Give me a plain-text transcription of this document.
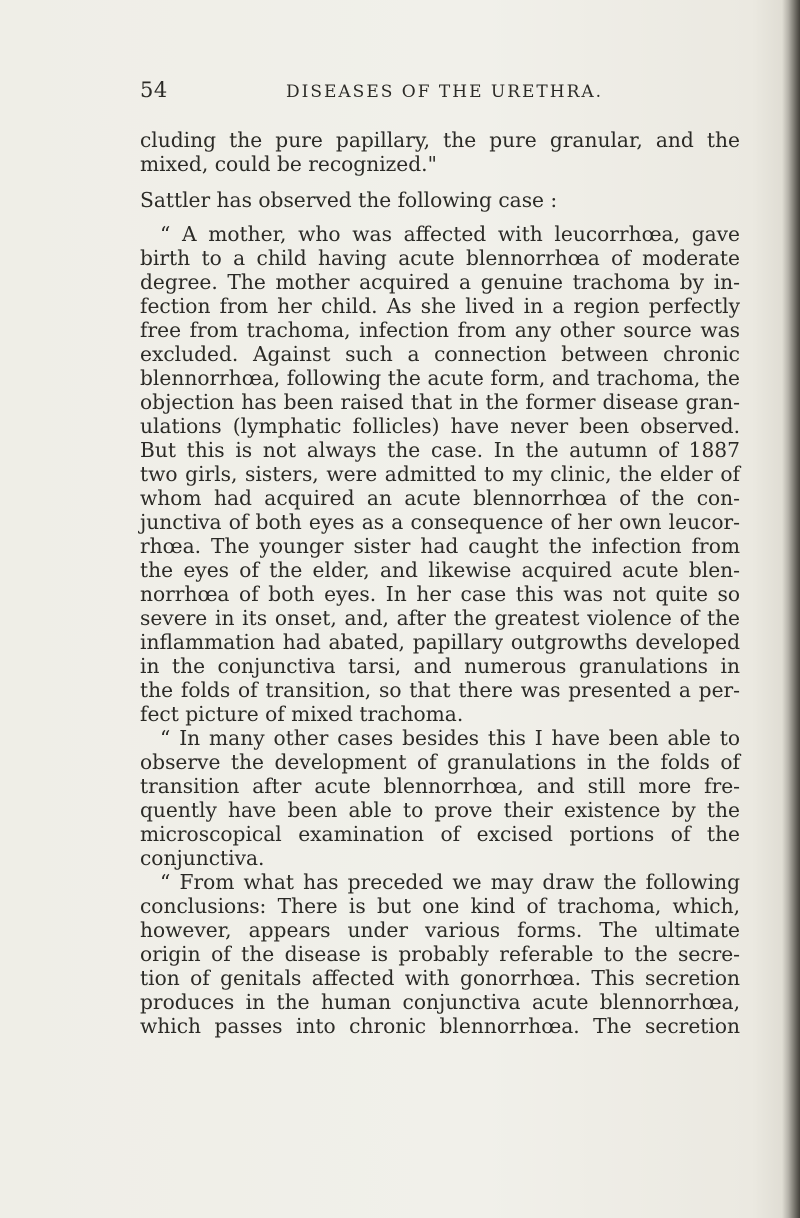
54	DISEASES OF THE URETHRA.
cluding the pure papillary, the pure granular, and the
mixed, could be recognized."
Sattler has observed the following case :
“ A mother, who was affected with leucorrhœa, gave
birth to a child having acute blennorrhœa of moderate
degree. The mother acquired a genuine trachoma by in-
fection from her child. As she lived in a region perfectly
free from trachoma, infection from any other source was
excluded. Against such a connection between chronic
blennorrhœa, following the acute form, and trachoma, the
objection has been raised that in the former disease gran-
ulations (lymphatic follicles) have never been observed.
But this is not always the case. In the autumn of 1887
two girls, sisters, were admitted to my clinic, the elder of
whom had acquired an acute blennorrhœa of the con-
junctiva of both eyes as a consequence of her own leucor-
rhœa. The younger sister had caught the infection from
the eyes of the elder, and likewise acquired acute blen-
norrhœa of both eyes. In her case this was not quite so
severe in its onset, and, after the greatest violence of the
inflammation had abated, papillary outgrowths developed
in the conjunctiva tarsi, and numerous granulations in
the folds of transition, so that there was presented a per-
fect picture of mixed trachoma.
“ In many other cases besides this I have been able to
observe the development of granulations in the folds of
transition after acute blennorrhœa, and still more fre-
quently have been able to prove their existence by the
microscopical examination of excised portions of the
conjunctiva.
“ From what has preceded we may draw the following
conclusions: There is but one kind of trachoma, which,
however, appears under various forms. The ultimate
origin of the disease is probably referable to the secre-
tion of genitals affected with gonorrhœa. This secretion
produces in the human conjunctiva acute blennorrhœa,
which passes into chronic blennorrhœa. The secretion
